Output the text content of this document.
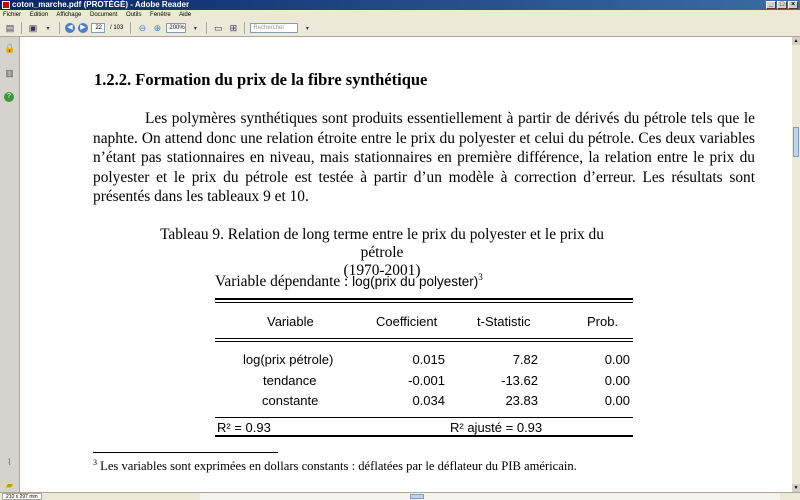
coton_marche.pdf (PROTÉGÉ) - Adobe Reader	_ □ ×
Fichier Edition Affichage Document Outils Fenêtre Aide
▤ ▣	▾	◀	▶	22	/ 103 ⊖ ⊕	200%	▾	▭ ⊞	Rechercher	▾
🔒
▥
?
⌇
▰
1.2.2. Formation du prix de la fibre synthétique
Les polymères synthétiques sont produits essentiellement à partir de dérivés du pétrole tels que le naphte. On attend donc une relation étroite entre le prix du polyester et celui du pétrole. Ces deux variables n’étant pas stationnaires en niveau, mais stationnaires en première différence, la relation entre le prix du polyester et le prix du pétrole est testée à partir d’un modèle à correction d’erreur. Les résultats sont présentés dans les tableaux 9 et 10.
Tableau 9. Relation de long terme entre le prix du polyester et le prix du pétrole
(1970-2001)
Variable dépendante : log(prix du polyester)$^3$
Variable	Coefficient	t-Statistic	Prob.
log(prix pétrole)	0.015	7.82	0.00
tendance	-0.001	-13.62	0.00
constante	0.034	23.83	0.00
R² = 0.93	R² ajusté = 0.93
$^3$ Les variables sont exprimées en dollars constants : déflatées par le déflateur du PIB américain.
▲
▼
210 x 297 mm
